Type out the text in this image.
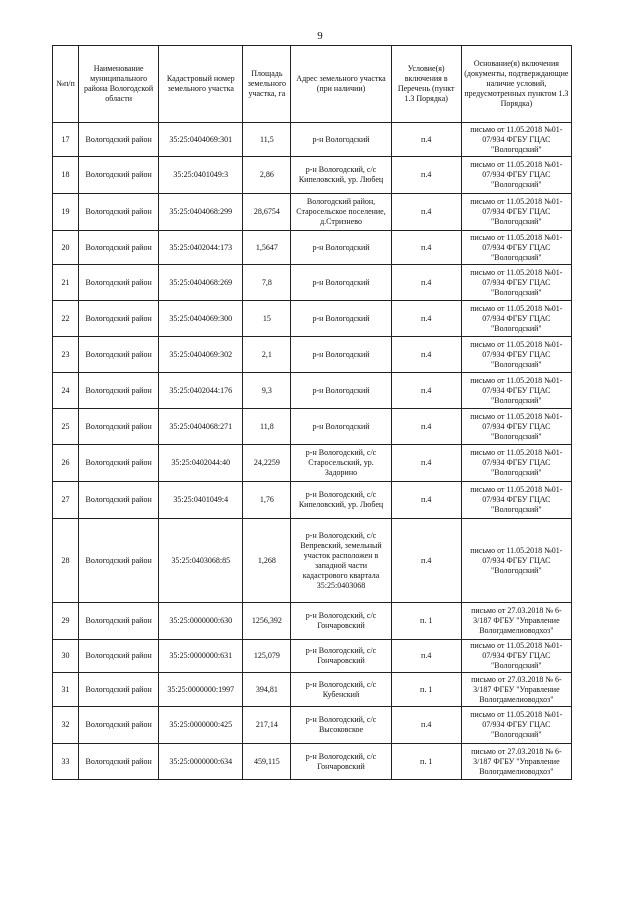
9
№п/п	Наименование муниципального района Вологодской области	Кадастровый номер земельного участка	Площадь земельного участка, га	Адрес земельного участка (при наличии)	Условие(я) включения в Перечень (пункт 1.3 Порядка)	Основание(я) включения (документы, подтверждающие наличие условий, предусмотренных пунктом 1.3 Порядка)
17	Вологодский район	35:25:0404069:301	11,5	р-н Вологодский	п.4	письмо от 11.05.2018 №01-07/934 ФГБУ ГЦАС "Вологодский"
18	Вологодский район	35:25:0401049:3	2,86	р-н Вологодский, с/с Кипеловский, ур. Любец	п.4	письмо от 11.05.2018 №01-07/934 ФГБУ ГЦАС "Вологодский"
19	Вологодский район	35:25:0404068:299	28,6754	Вологодский район, Старосельское поселение, д.Стризнево	п.4	письмо от 11.05.2018 №01-07/934 ФГБУ ГЦАС "Вологодский"
20	Вологодский район	35:25:0402044:173	1,5647	р-н Вологодский	п.4	письмо от 11.05.2018 №01-07/934 ФГБУ ГЦАС "Вологодский"
21	Вологодский район	35:25:0404068:269	7,8	р-н Вологодский	п.4	письмо от 11.05.2018 №01-07/934 ФГБУ ГЦАС "Вологодский"
22	Вологодский район	35:25:0404069:300	15	р-н Вологодский	п.4	письмо от 11.05.2018 №01-07/934 ФГБУ ГЦАС "Вологодский"
23	Вологодский район	35:25:0404069:302	2,1	р-н Вологодский	п.4	письмо от 11.05.2018 №01-07/934 ФГБУ ГЦАС "Вологодский"
24	Вологодский район	35:25:0402044:176	9,3	р-н Вологодский	п.4	письмо от 11.05.2018 №01-07/934 ФГБУ ГЦАС "Вологодский"
25	Вологодский район	35:25:0404068:271	11,8	р-н Вологодский	п.4	письмо от 11.05.2018 №01-07/934 ФГБУ ГЦАС "Вологодский"
26	Вологодский район	35:25:0402044:40	24,2259	р-н Вологодский, с/с Старосельский, ур. Задорино	п.4	письмо от 11.05.2018 №01-07/934 ФГБУ ГЦАС "Вологодский"
27	Вологодский район	35:25:0401049:4	1,76	р-н Вологодский, с/с Кипеловский, ур. Любец	п.4	письмо от 11.05.2018 №01-07/934 ФГБУ ГЦАС "Вологодский"
28	Вологодский район	35:25:0403068:85	1,268	р-н Вологодский, с/с Вепревский, земельный участок расположен в западной части кадастрового квартала 35:25:0403068	п.4	письмо от 11.05.2018 №01-07/934 ФГБУ ГЦАС "Вологодский"
29	Вологодский район	35:25:0000000:630	1256,392	р-н Вологодский, с/с Гончаровский	п. 1	письмо от 27.03.2018 № 6-3/187 ФГБУ "Управление Вологдамелиоводхоз"
30	Вологодский район	35:25:0000000:631	125,079	р-н Вологодский, с/с Гончаровский	п.4	письмо от 11.05.2018 №01-07/934 ФГБУ ГЦАС "Вологодский"
31	Вологодский район	35:25:0000000:1997	394,81	р-н Вологодский, с/с Кубенский	п. 1	письмо от 27.03.2018 № 6-3/187 ФГБУ "Управление Вологдамелиоводхоз"
32	Вологодский район	35:25:0000000:425	217,14	р-н Вологодский, с/с Высоковское	п.4	письмо от 11.05.2018 №01-07/934 ФГБУ ГЦАС "Вологодский"
33	Вологодский район	35:25:0000000:634	459,115	р-н Вологодский, с/с Гончаровский	п. 1	письмо от 27.03.2018 № 6-3/187 ФГБУ "Управление Вологдамелиоводхоз"
